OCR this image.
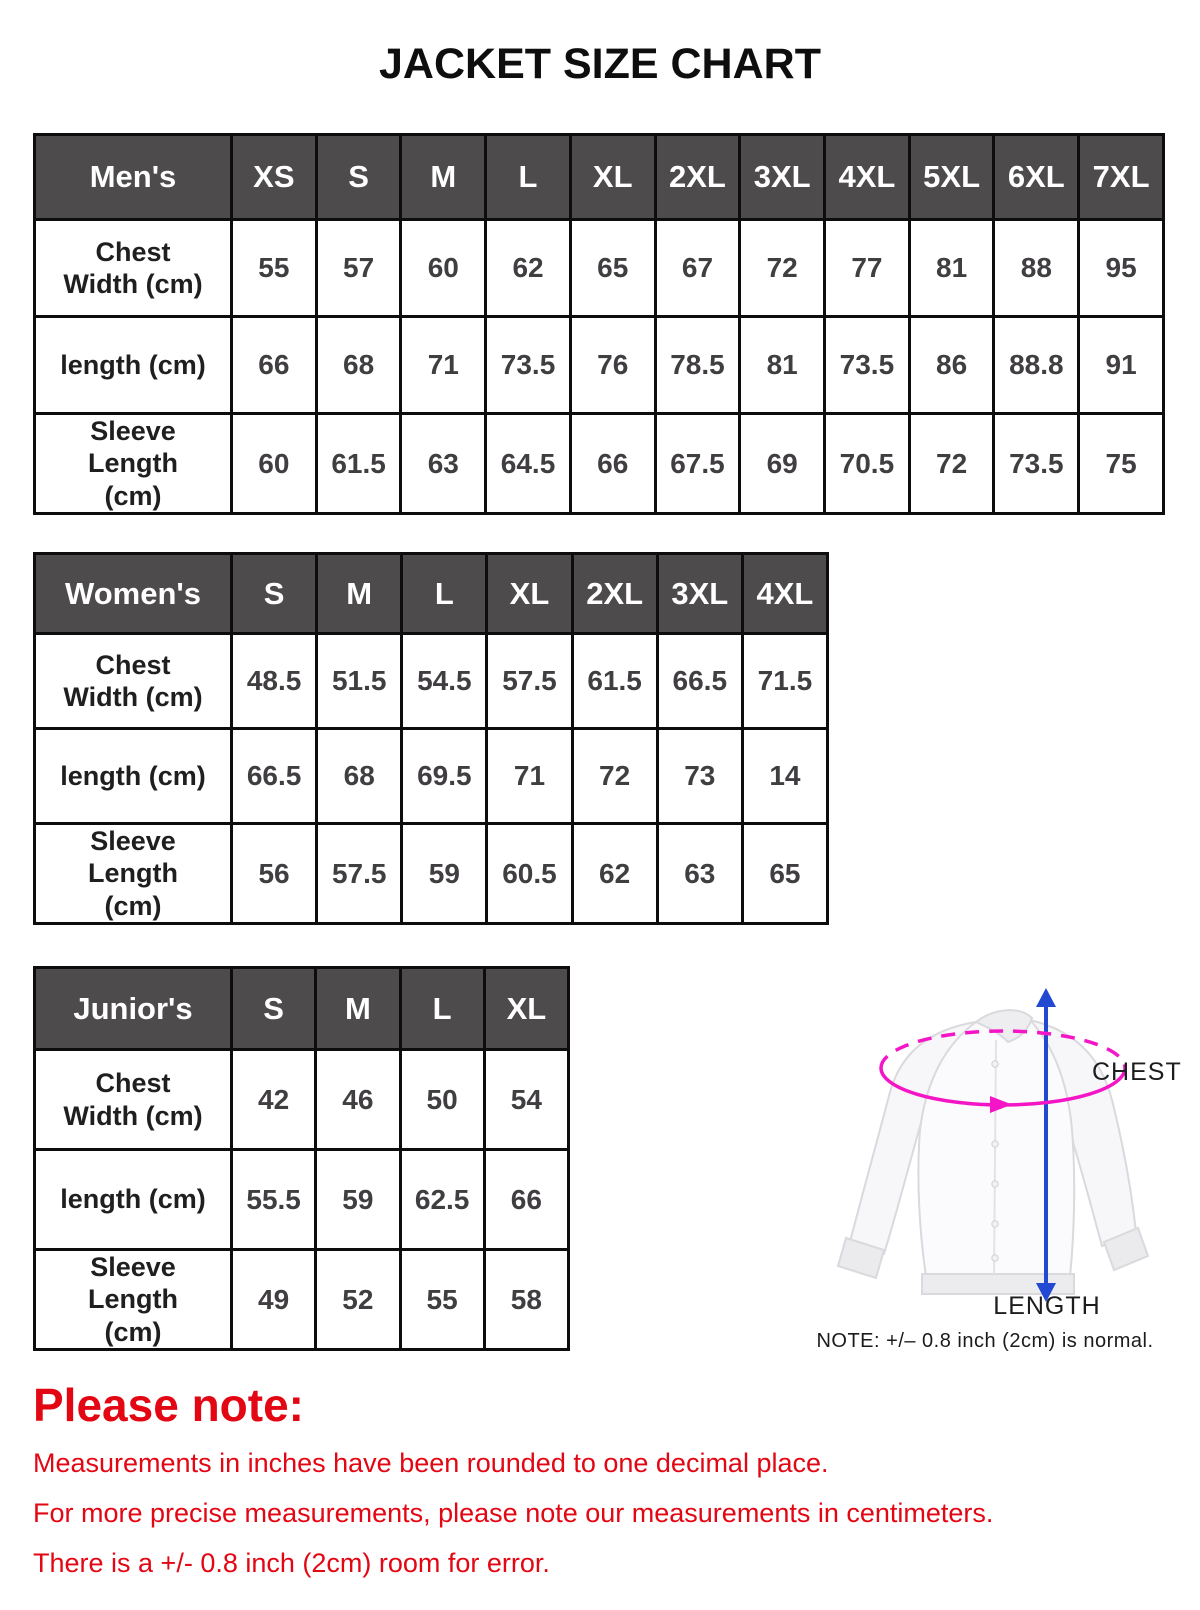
JACKET SIZE CHART
Men's	XS	S	M	L	XL	2XL	3XL	4XL	5XL	6XL	7XL
Chest Width (cm)	55	57	60	62	65	67	72	77	81	88	95
length (cm)	66	68	71	73.5	76	78.5	81	73.5	86	88.8	91
Sleeve Length (cm)	60	61.5	63	64.5	66	67.5	69	70.5	72	73.5	75
Women's	S	M	L	XL	2XL	3XL	4XL
Chest Width (cm)	48.5	51.5	54.5	57.5	61.5	66.5	71.5
length (cm)	66.5	68	69.5	71	72	73	14
Sleeve Length (cm)	56	57.5	59	60.5	62	63	65
Junior's	S	M	L	XL
Chest Width (cm)	42	46	50	54
length (cm)	55.5	59	62.5	66
Sleeve Length (cm)	49	52	55	58
CHEST
LENGTH
NOTE: +/– 0.8 inch (2cm) is normal.
Please note:
Measurements in inches have been rounded to one decimal place.
For more precise measurements, please note our measurements in centimeters.
There is a +/- 0.8 inch (2cm) room for error.
